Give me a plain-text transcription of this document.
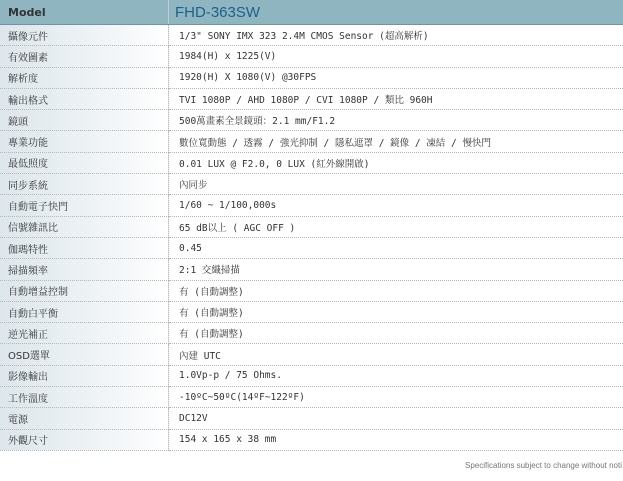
Model	FHD-363SW
攝像元件	1/3" SONY IMX 323 2.4M CMOS Sensor (超高解析)
有效圖素	1984(H) x 1225(V)
解析度	1920(H) X 1080(V) @30FPS
輸出格式	TVI 1080P / AHD 1080P / CVI 1080P / 類比 960H
鏡頭	500萬畫素全景鏡頭：2.1 mm/F1.2
專業功能	數位寬動態 / 透霧 / 強光抑制 / 隱私遮罩 / 鏡像 / 凍結 / 慢快門
最低照度	0.01 LUX @ F2.0, 0 LUX (紅外線開啟)
同步系統	內同步
自動電子快門	1/60 ~ 1/100,000s
信號雜訊比	65 dB以上 ( AGC OFF )
伽瑪特性	0.45
掃描頻率	2:1 交織掃描
自動增益控制	有 (自動調整)
自動白平衡	有 (自動調整)
逆光補正	有 (自動調整)
OSD選單	內建 UTC
影像輸出	1.0Vp-p / 75 Ohms.
工作溫度	-10ºC~50ºC(14ºF~122ºF)
電源	DC12V
外觀尺寸	154 x 165 x 38 mm
Specifications subject to change without noti
